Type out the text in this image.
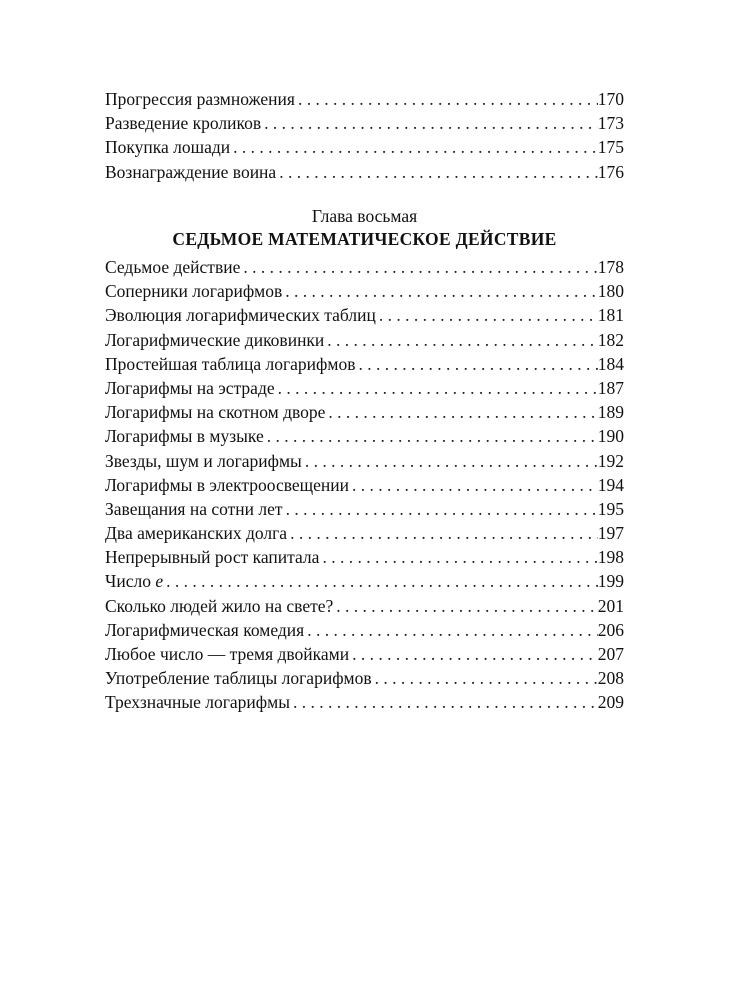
Прогрессия размножения . . .	170
Разведение кроликов . . .	173
Покупка лошади . . .	175
Вознаграждение воина . . .	176
Глава восьмая
СЕДЬМОЕ МАТЕМАТИЧЕСКОЕ ДЕЙСТВИЕ
Седьмое действие . . .	178
Соперники логарифмов . . .	180
Эволюция логарифмических таблиц . . .	181
Логарифмические диковинки . . .	182
Простейшая таблица логарифмов . . .	184
Логарифмы на эстраде . . .	187
Логарифмы на скотном дворе . . .	189
Логарифмы в музыке . . .	190
Звезды, шум и логарифмы . . .	192
Логарифмы в электроосвещении . . .	194
Завещания на сотни лет . . .	195
Два американских долга . . .	197
Непрерывный рост капитала . . .	198
Число e . . .	199
Сколько людей жило на свете? . . .	201
Логарифмическая комедия . . .	206
Любое число — тремя двойками . . .	207
Употребление таблицы логарифмов . . .	208
Трехзначные логарифмы . . .	209
